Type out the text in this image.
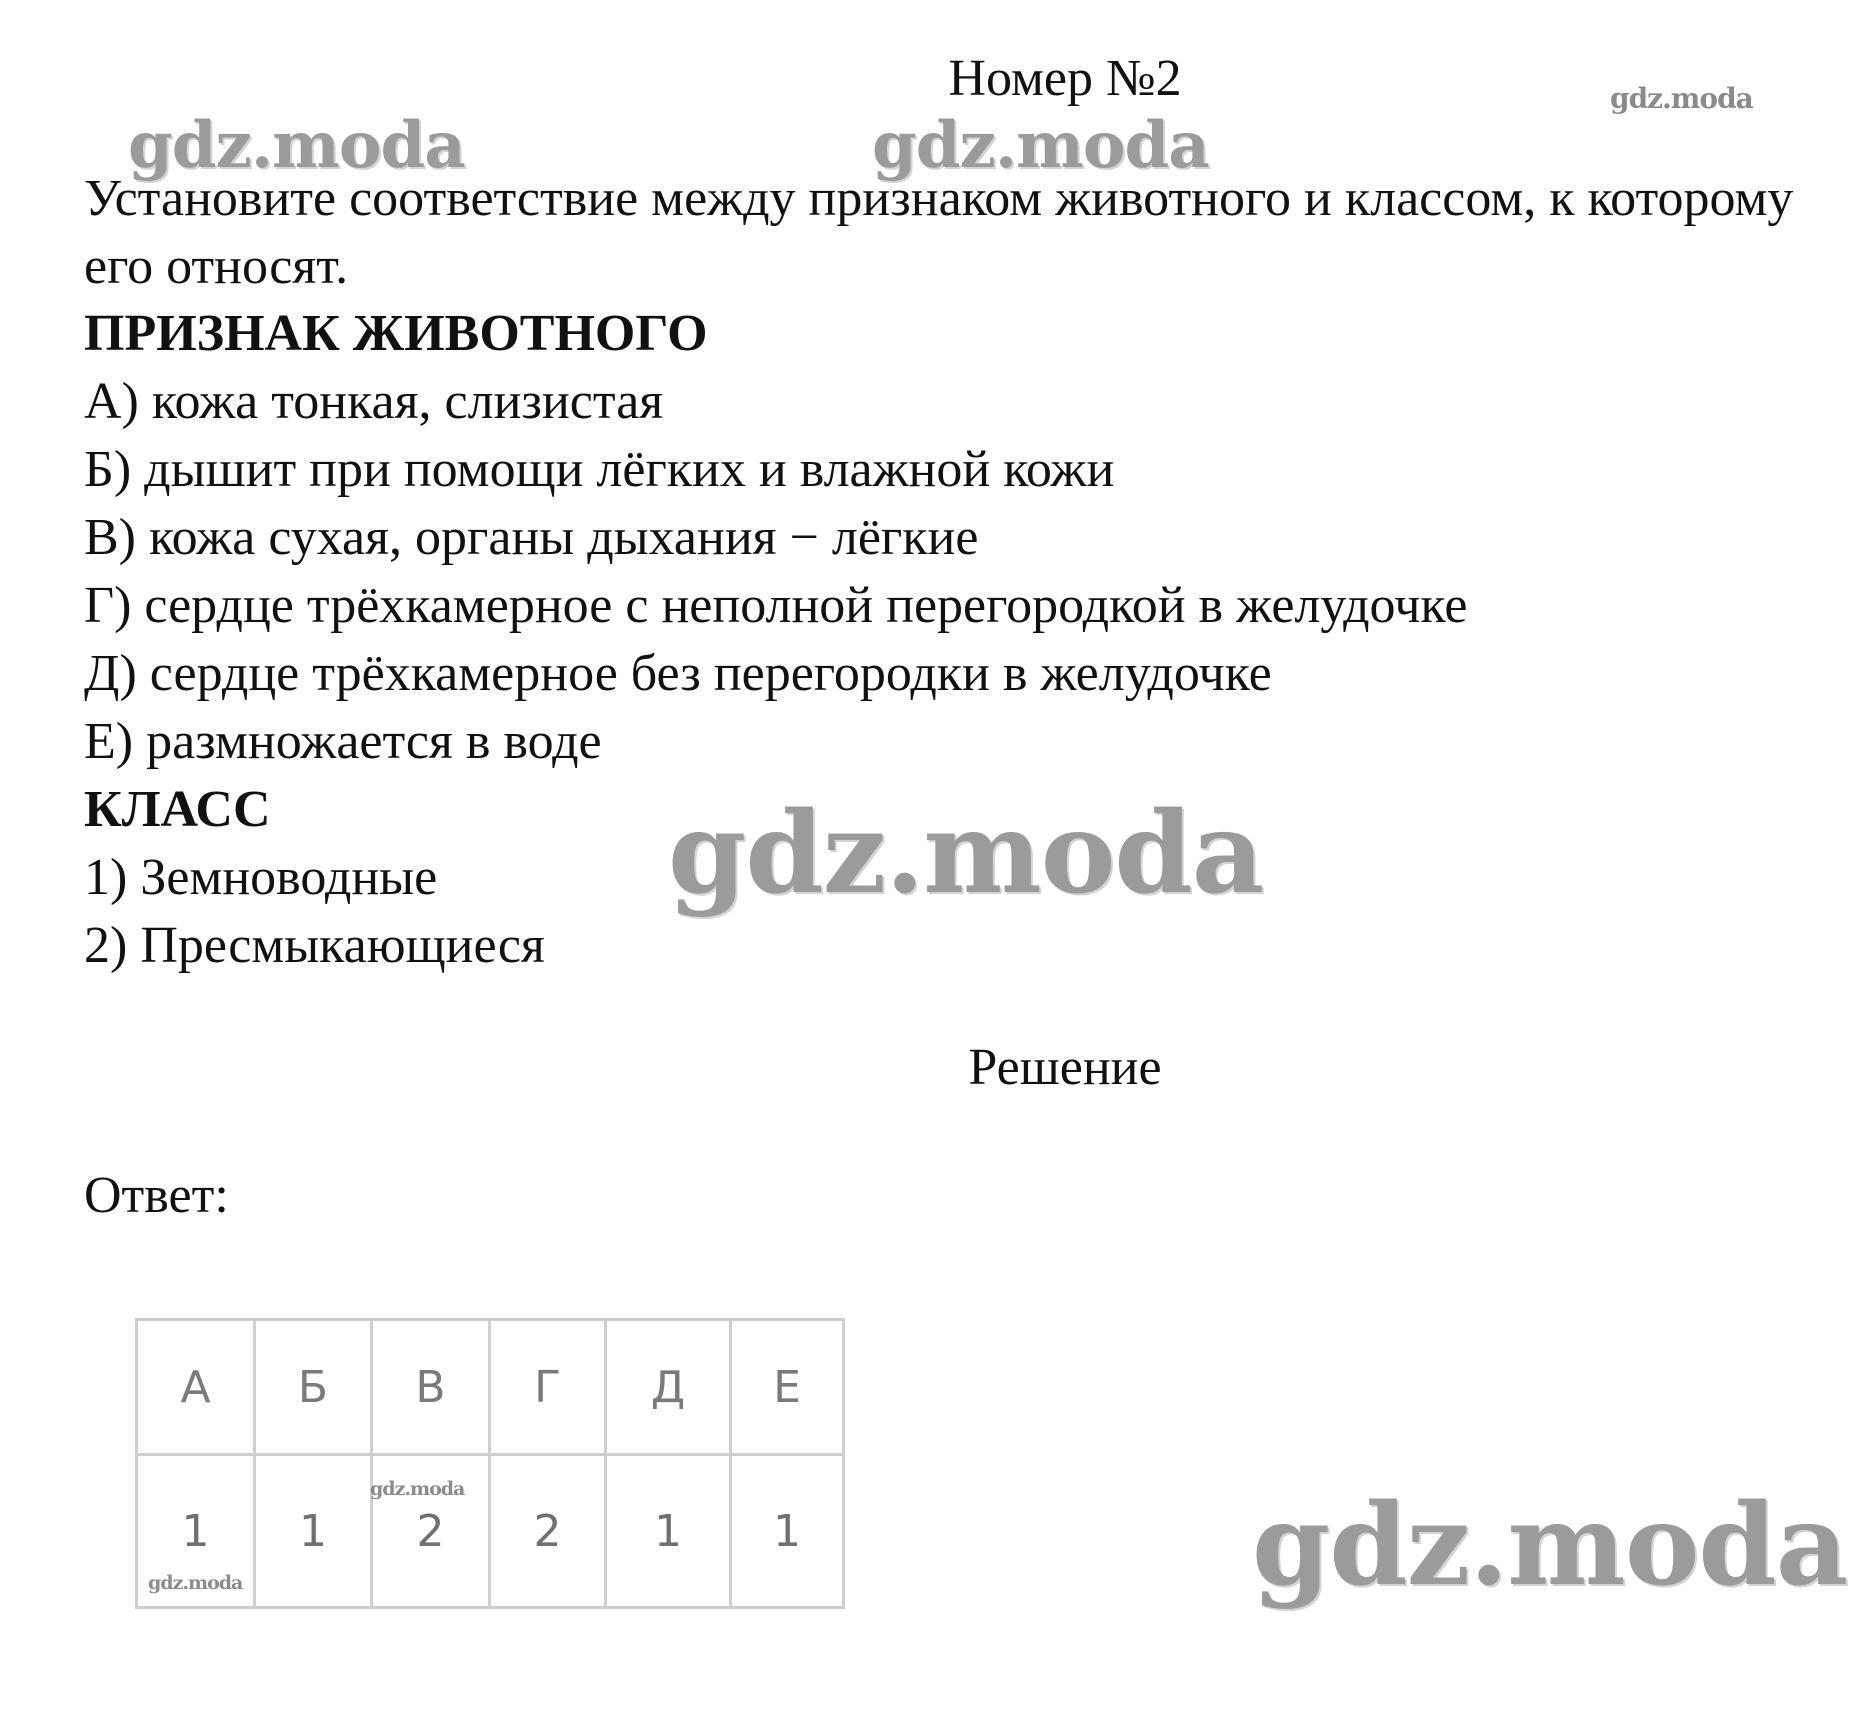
gdz.moda	gdz.moda
gdz.moda
Номер №2

Установите соответствие между признаком животного и классом, к которому его относят.

ПРИЗНАК ЖИВОТНОГО
А) кожа тонкая, слизистая
Б) дышит при помощи лёгких и влажной кожи
В) кожа сухая, органы дыхания − лёгкие
Г) сердце трёхкамерное с неполной перегородкой в желудочке
Д) сердце трёхкамерное без перегородки в желудочке
Е) размножается в воде
КЛАСС
1) Земноводные
2) Пресмыкающиеся
gdz.moda
Решение
Ответ:
А	Б	В	Г	Д	Е
1	1	2	2	1	1
gdz.moda
gdz.moda	gdz.moda
